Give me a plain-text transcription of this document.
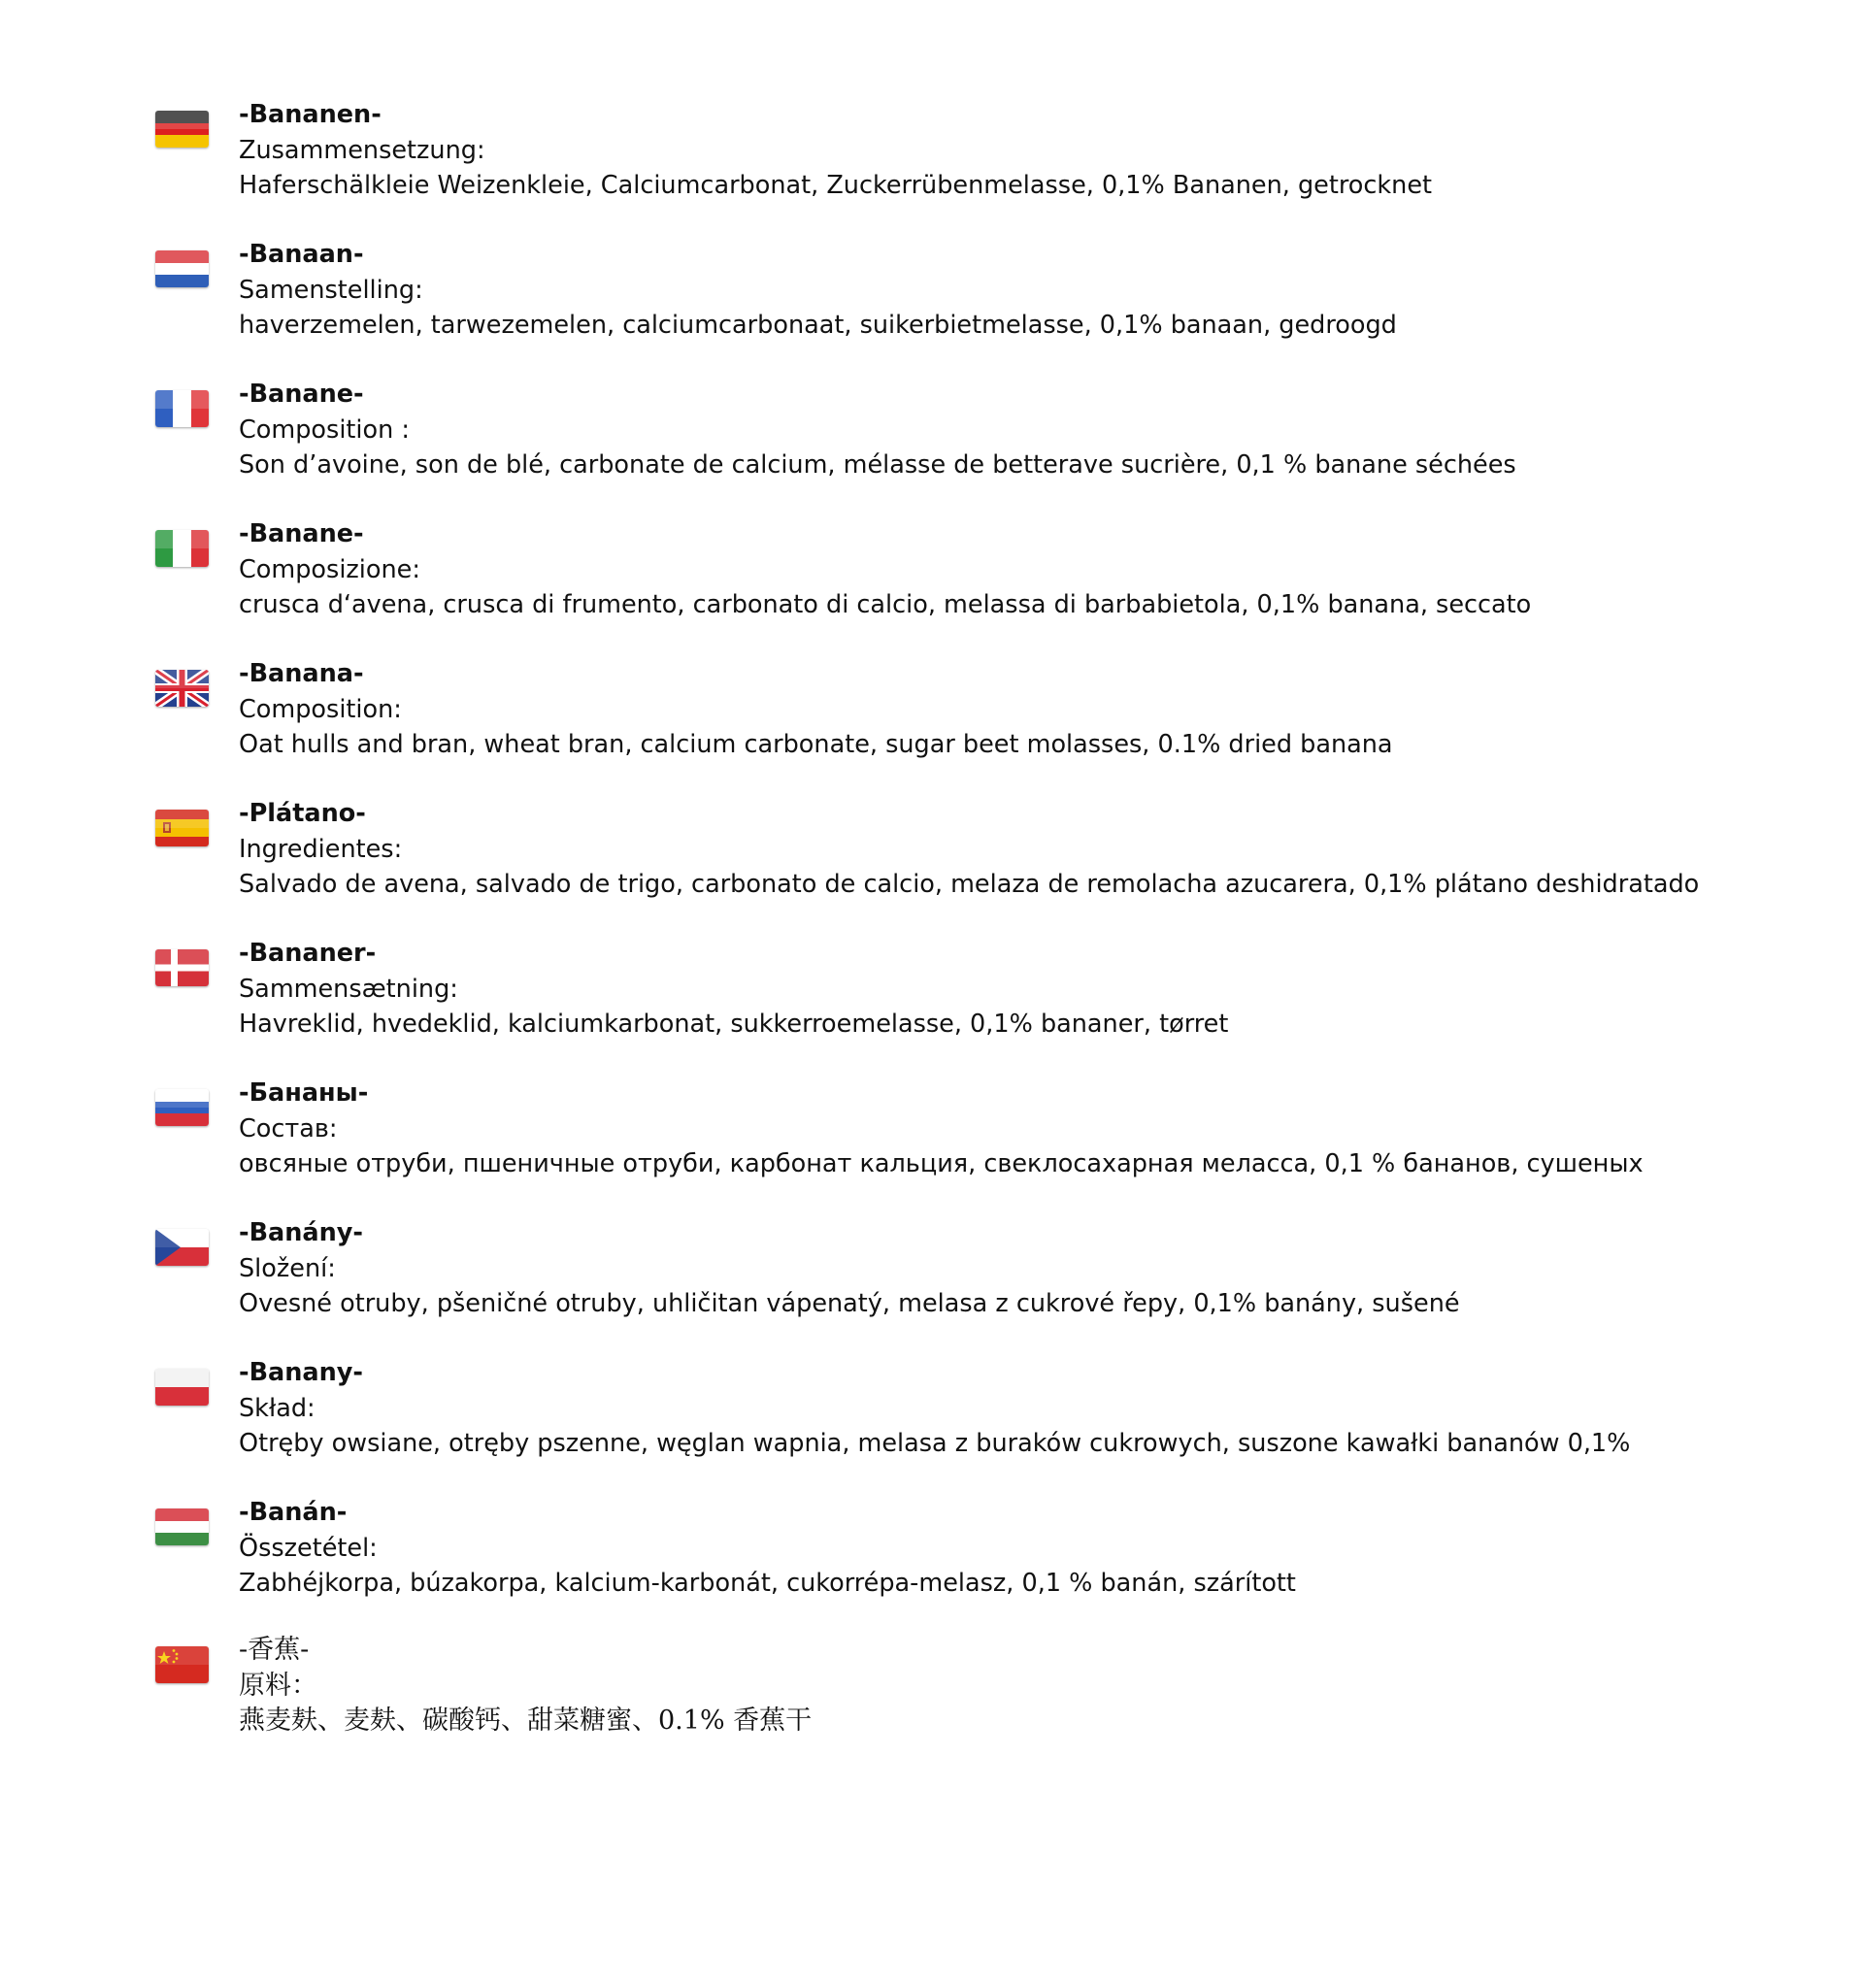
-Bananen-
Zusammensetzung:
Haferschälkleie Weizenkleie, Calciumcarbonat, Zuckerrübenmelasse, 0,1% Bananen, getrocknet
-Banaan-
Samenstelling:
haverzemelen, tarwezemelen, calciumcarbonaat, suikerbietmelasse, 0,1% banaan, gedroogd
-Banane-
Composition :
Son d’avoine, son de blé, carbonate de calcium, mélasse de betterave sucrière, 0,1 % banane séchées
-Banane-
Composizione:
crusca d‘avena, crusca di frumento, carbonato di calcio, melassa di barbabietola, 0,1% banana, seccato
-Banana-
Composition:
Oat hulls and bran, wheat bran, calcium carbonate, sugar beet molasses, 0.1% dried banana
-Plátano-
Ingredientes:
Salvado de avena, salvado de trigo, carbonato de calcio, melaza de remolacha azucarera, 0,1% plátano deshidratado
-Bananer-
Sammensætning:
Havreklid, hvedeklid, kalciumkarbonat, sukkerroemelasse, 0,1% bananer, tørret
-Бананы-
Состав:
овсяные отруби, пшеничные отруби, карбонат кальция, свеклосахарная меласса, 0,1 % бананов, сушеных
-Banány-
Složení:
Ovesné otruby, pšeničné otruby, uhličitan vápenatý, melasa z cukrové řepy, 0,1% banány, sušené
-Banany-
Skład:
Otręby owsiane, otręby pszenne, węglan wapnia, melasa z buraków cukrowych, suszone kawałki bananów 0,1%
-Banán-
Összetétel:
Zabhéjkorpa, búzakorpa, kalcium-karbonát, cukorrépa-melasz, 0,1 % banán, szárított
-香蕉-
原料：
燕麦麸、麦麸、碳酸钙、甜菜糖蜜、0.1% 香蕉干
